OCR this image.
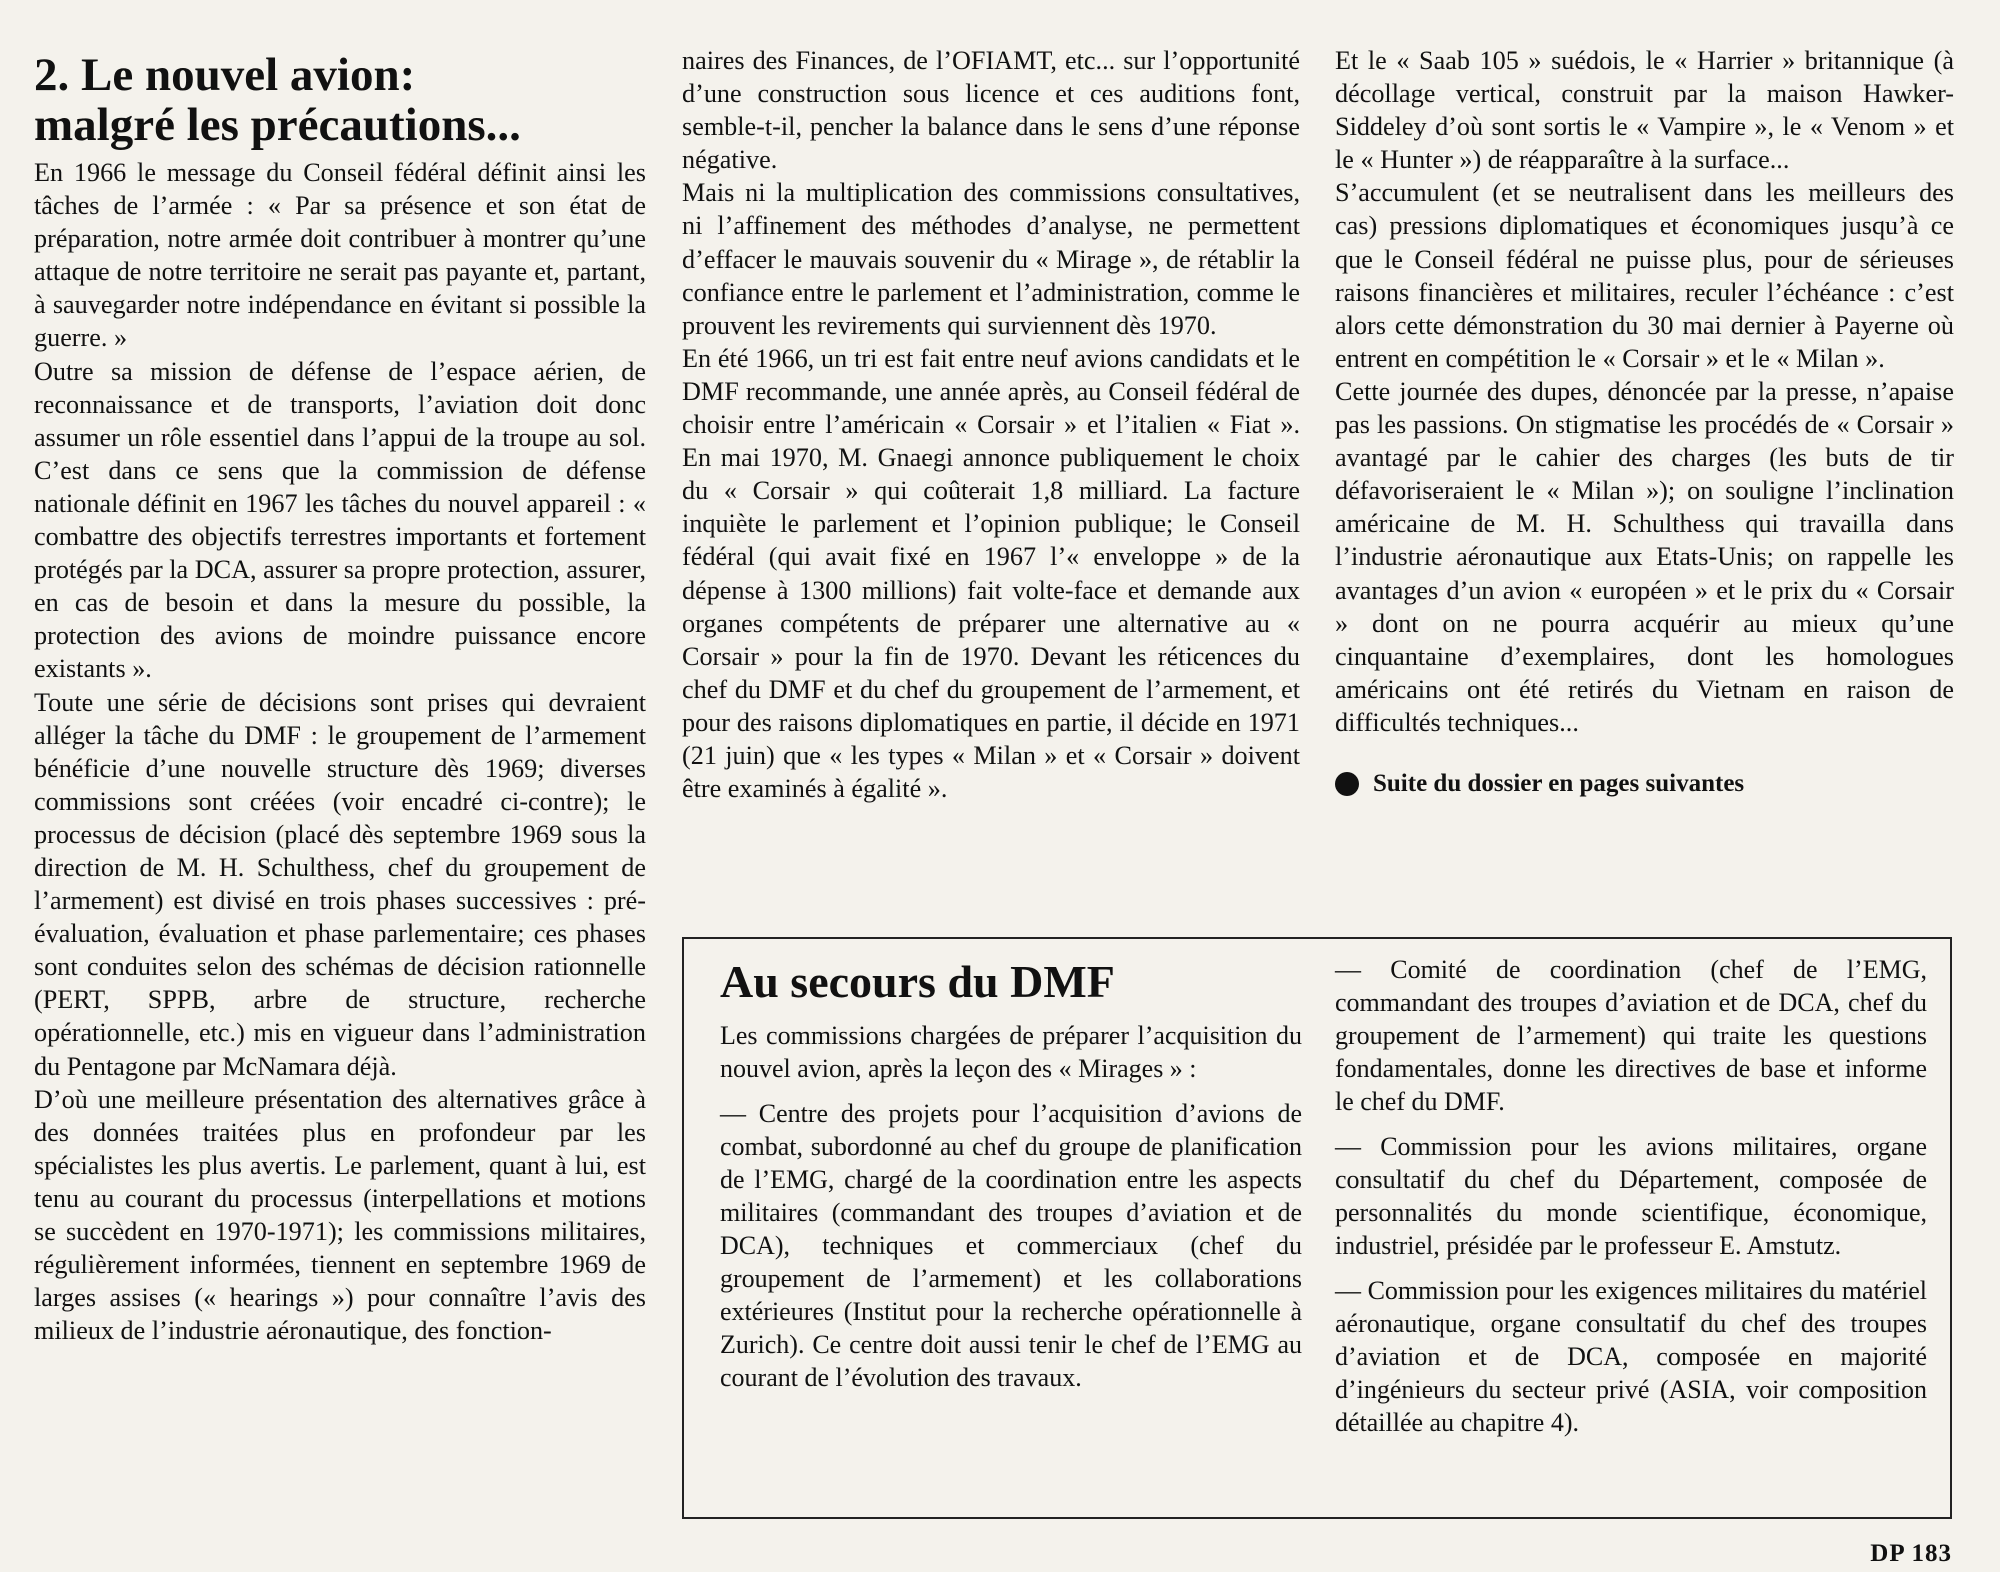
2. Le nouvel avion:
malgré les précautions...

En 1966 le message du Conseil fédéral définit ainsi les tâches de l’armée : « Par sa présence et son état de préparation, notre armée doit contribuer à montrer qu’une attaque de notre territoire ne serait pas payante et, partant, à sauvegarder notre indépendance en évitant si possible la guerre. »

Outre sa mission de défense de l’espace aérien, de reconnaissance et de transports, l’aviation doit donc assumer un rôle essentiel dans l’appui de la troupe au sol. C’est dans ce sens que la commission de défense nationale définit en 1967 les tâches du nouvel appareil : « combattre des objectifs terrestres importants et fortement protégés par la DCA, assurer sa propre protection, assurer, en cas de besoin et dans la mesure du possible, la protection des avions de moindre puissance encore existants ».

Toute une série de décisions sont prises qui devraient alléger la tâche du DMF : le groupement de l’armement bénéficie d’une nouvelle structure dès 1969; diverses commissions sont créées (voir encadré ci-contre); le processus de décision (placé dès septembre 1969 sous la direction de M. H. Schulthess, chef du groupement de l’armement) est divisé en trois phases successives : pré-évaluation, évaluation et phase parlementaire; ces phases sont conduites selon des schémas de décision rationnelle (PERT, SPPB, arbre de structure, recherche opérationnelle, etc.) mis en vigueur dans l’administration du Pentagone par McNamara déjà.

D’où une meilleure présentation des alternatives grâce à des données traitées plus en profondeur par les spécialistes les plus avertis. Le parlement, quant à lui, est tenu au courant du processus (interpellations et motions se succèdent en 1970-1971); les commissions militaires, régulièrement informées, tiennent en septembre 1969 de larges assises (« hearings ») pour connaître l’avis des milieux de l’industrie aéronautique, des fonction-

naires des Finances, de l’OFIAMT, etc... sur l’opportunité d’une construction sous licence et ces auditions font, semble-t-il, pencher la balance dans le sens d’une réponse négative.

Mais ni la multiplication des commissions consultatives, ni l’affinement des méthodes d’analyse, ne permettent d’effacer le mauvais souvenir du « Mirage », de rétablir la confiance entre le parlement et l’administration, comme le prouvent les revirements qui surviennent dès 1970.

En été 1966, un tri est fait entre neuf avions candidats et le DMF recommande, une année après, au Conseil fédéral de choisir entre l’américain « Corsair » et l’italien « Fiat ». En mai 1970, M. Gnaegi annonce publiquement le choix du « Corsair » qui coûterait 1,8 milliard. La facture inquiète le parlement et l’opinion publique; le Conseil fédéral (qui avait fixé en 1967 l’« enveloppe » de la dépense à 1300 millions) fait volte-face et demande aux organes compétents de préparer une alternative au « Corsair » pour la fin de 1970. Devant les réticences du chef du DMF et du chef du groupement de l’armement, et pour des raisons diplomatiques en partie, il décide en 1971 (21 juin) que « les types « Milan » et « Corsair » doivent être examinés à égalité ».

Et le « Saab 105 » suédois, le « Harrier » britannique (à décollage vertical, construit par la maison Hawker-Siddeley d’où sont sortis le « Vampire », le « Venom » et le « Hunter ») de réapparaître à la surface...

S’accumulent (et se neutralisent dans les meilleurs des cas) pressions diplomatiques et économiques jusqu’à ce que le Conseil fédéral ne puisse plus, pour de sérieuses raisons financières et militaires, reculer l’échéance : c’est alors cette démonstration du 30 mai dernier à Payerne où entrent en compétition le « Corsair » et le « Milan ».

Cette journée des dupes, dénoncée par la presse, n’apaise pas les passions. On stigmatise les procédés de « Corsair » avantagé par le cahier des charges (les buts de tir défavoriseraient le « Milan »); on souligne l’inclination américaine de M. H. Schulthess qui travailla dans l’industrie aéronautique aux Etats-Unis; on rappelle les avantages d’un avion « européen » et le prix du « Corsair » dont on ne pourra acquérir au mieux qu’une cinquantaine d’exemplaires, dont les homologues américains ont été retirés du Vietnam en raison de difficultés techniques...

Suite du dossier en pages suivantes
Au secours du DMF

Les commissions chargées de préparer l’acquisition du nouvel avion, après la leçon des « Mirages » :

— Centre des projets pour l’acquisition d’avions de combat, subordonné au chef du groupe de planification de l’EMG, chargé de la coordination entre les aspects militaires (commandant des troupes d’aviation et de DCA), techniques et commerciaux (chef du groupement de l’armement) et les collaborations extérieures (Institut pour la recherche opérationnelle à Zurich). Ce centre doit aussi tenir le chef de l’EMG au courant de l’évolution des travaux.

— Comité de coordination (chef de l’EMG, commandant des troupes d’aviation et de DCA, chef du groupement de l’armement) qui traite les questions fondamentales, donne les directives de base et informe le chef du DMF.

— Commission pour les avions militaires, organe consultatif du chef du Département, composée de personnalités du monde scientifique, économique, industriel, présidée par le professeur E. Amstutz.

— Commission pour les exigences militaires du matériel aéronautique, organe consultatif du chef des troupes d’aviation et de DCA, composée en majorité d’ingénieurs du secteur privé (ASIA, voir composition détaillée au chapitre 4).

DP 183
